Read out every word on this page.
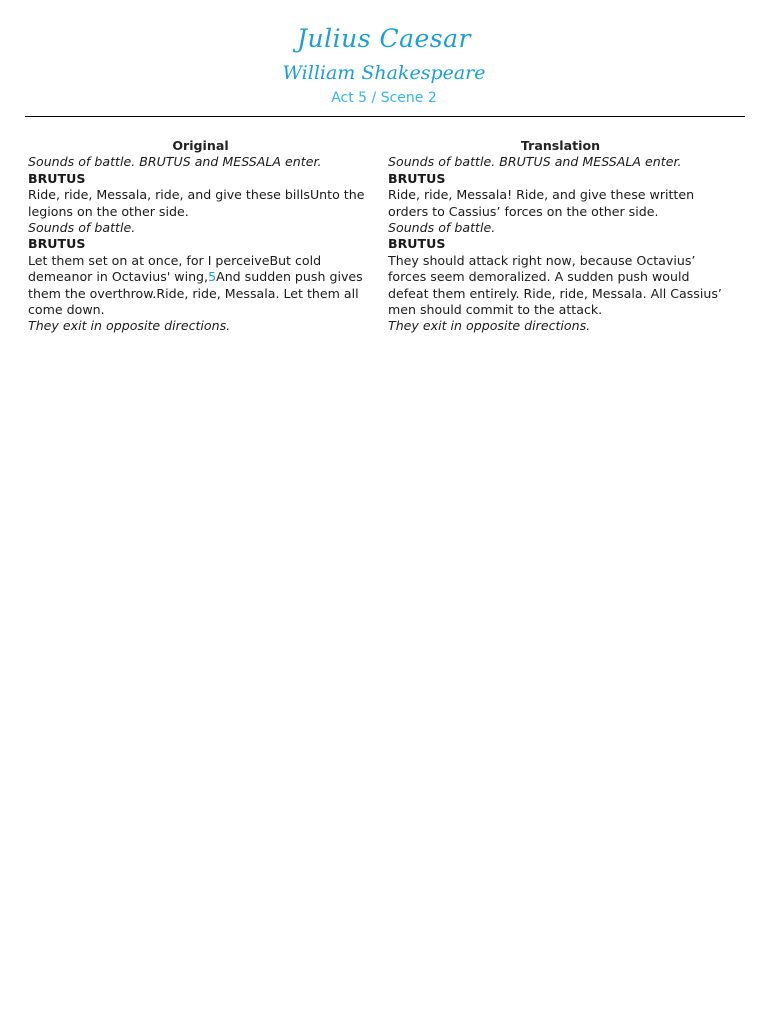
Julius Caesar
William Shakespeare
Act 5 / Scene 2
Original
Sounds of battle. BRUTUS and MESSALA enter.
BRUTUS
Ride, ride, Messala, ride, and give these billsUnto the legions on the other side.
Sounds of battle.
BRUTUS
Let them set on at once, for I perceiveBut cold demeanor in Octavius' wing,5And sudden push gives them the overthrow.Ride, ride, Messala. Let them all come down.
They exit in opposite directions.
Translation
Sounds of battle. BRUTUS and MESSALA enter.
BRUTUS
Ride, ride, Messala! Ride, and give these written orders to Cassius’ forces on the other side.
Sounds of battle.
BRUTUS
They should attack right now, because Octavius’ forces seem demoralized. A sudden push would defeat them entirely. Ride, ride, Messala. All Cassius’ men should commit to the attack.
They exit in opposite directions.
